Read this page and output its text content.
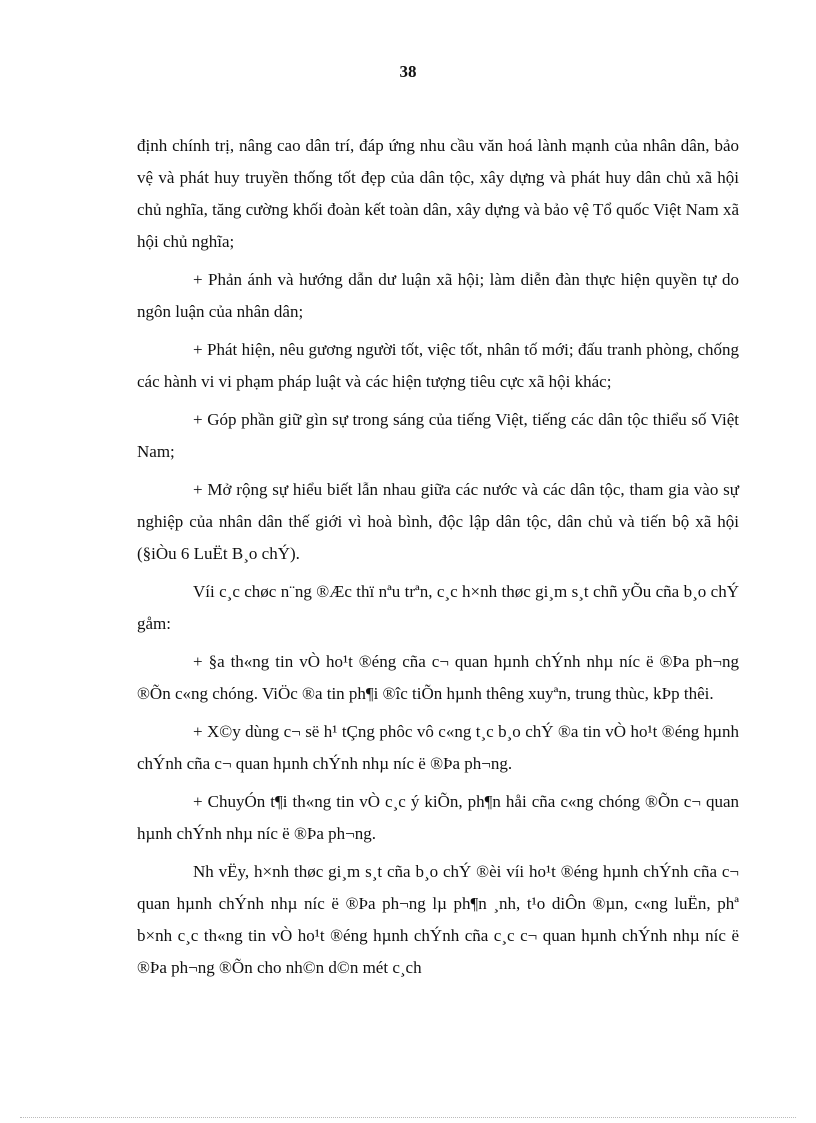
38

định chính trị, nâng cao dân trí, đáp ứng nhu cầu văn hoá lành mạnh của nhân dân, bảo vệ và phát huy truyền thống tốt đẹp của dân tộc, xây dựng và phát huy dân chủ xã hội chủ nghĩa, tăng cường khối đoàn kết toàn dân, xây dựng và bảo vệ Tổ quốc Việt Nam xã hội chủ nghĩa;

+ Phản ánh và hướng dẫn dư luận xã hội; làm diễn đàn thực hiện quyền tự do ngôn luận của nhân dân;

+ Phát hiện, nêu gương người tốt, việc tốt, nhân tố mới; đấu tranh phòng, chống các hành vi vi phạm pháp luật và các hiện tượng tiêu cực xã hội khác;

+ Góp phần giữ gìn sự trong sáng của tiếng Việt, tiếng các dân tộc thiểu số Việt Nam;

+ Mở rộng sự hiểu biết lẫn nhau giữa các nước và các dân tộc, tham gia vào sự nghiệp của nhân dân thế giới vì hoà bình, độc lập dân tộc, dân chủ và tiến bộ xã hội (§iÒu 6 LuËt B¸o chÝ).

Víi c¸c chøc n¨ng ®Æc thï nªu trªn, c¸c h×nh thøc gi¸m s¸t chñ yÕu cña b¸o chÝ gåm:

+ §a th«ng tin vÒ ho¹t ®éng cña c¬ quan hµnh chÝnh nhµ níc ë ®Þa ph¬ng ®Õn c«ng chóng. ViÖc ®a tin ph¶i ®îc tiÕn hµnh thêng xuyªn, trung thùc, kÞp thêi.

+ X©y dùng c¬ së h¹ tÇng phôc vô c«ng t¸c b¸o chÝ ®a tin vÒ ho¹t ®éng hµnh chÝnh cña c¬ quan hµnh chÝnh nhµ níc ë ®Þa ph¬ng.

+ ChuyÓn t¶i th«ng tin vÒ c¸c ý kiÕn, ph¶n håi cña c«ng chóng ®Õn c¬ quan hµnh chÝnh nhµ níc ë ®Þa ph¬ng.

Nh vËy, h×nh thøc gi¸m s¸t cña b¸o chÝ ®èi víi ho¹t ®éng hµnh chÝnh cña c¬ quan hµnh chÝnh nhµ níc ë ®Þa ph¬ng lµ ph¶n ¸nh, t¹o diÔn ®µn, c«ng luËn, phª b×nh c¸c th«ng tin vÒ ho¹t ®éng hµnh chÝnh cña c¸c c¬ quan hµnh chÝnh nhµ níc ë ®Þa ph¬ng ®Õn cho nh©n d©n mét c¸ch
